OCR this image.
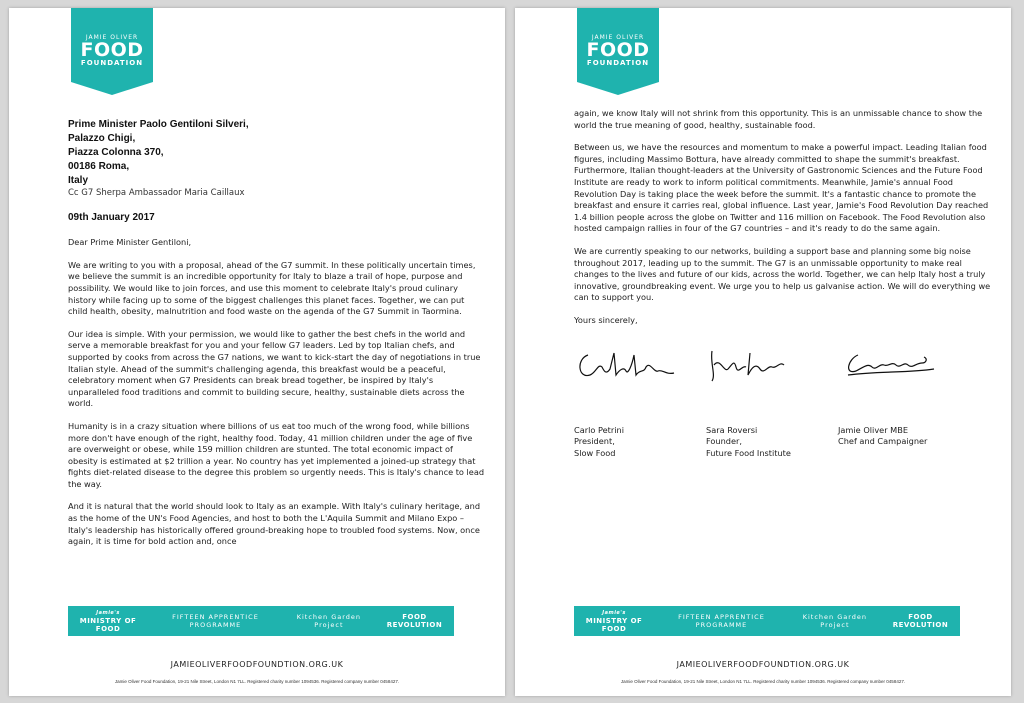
JAMIE OLIVER
FOOD
FOUNDATION
Prime Minister Paolo Gentiloni Silveri,
Palazzo Chigi,
Piazza Colonna 370,
00186 Roma,
Italy
Cc G7 Sherpa Ambassador Maria Caillaux
09th January 2017

Dear Prime Minister Gentiloni,

We are writing to you with a proposal, ahead of the G7 summit. In these politically uncertain times, we believe the summit is an incredible opportunity for Italy to blaze a trail of hope, purpose and possibility. We would like to join forces, and use this moment to celebrate Italy's proud culinary history while facing up to some of the biggest challenges this planet faces. Together, we can put child health, obesity, malnutrition and food waste on the agenda of the G7 Summit in Taormina.

Our idea is simple. With your permission, we would like to gather the best chefs in the world and serve a memorable breakfast for you and your fellow G7 leaders. Led by top Italian chefs, and supported by cooks from across the G7 nations, we want to kick-start the day of negotiations in true Italian style. Ahead of the summit's challenging agenda, this breakfast would be a peaceful, celebratory moment when G7 Presidents can break bread together, be inspired by Italy's unparalleled food traditions and commit to building secure, healthy, sustainable diets across the world.

Humanity is in a crazy situation where billions of us eat too much of the wrong food, while billions more don't have enough of the right, healthy food. Today, 41 million children under the age of five are overweight or obese, while 159 million children are stunted. The total economic impact of obesity is estimated at $2 trillion a year. No country has yet implemented a joined-up strategy that fights diet-related disease to the degree this problem so urgently needs. This is Italy's chance to lead the way.

And it is natural that the world should look to Italy as an example. With Italy's culinary heritage, and as the home of the UN's Food Agencies, and host to both the L'Aquila Summit and Milano Expo – Italy's leadership has historically offered ground-breaking hope to troubled food systems. Now, once again, it is time for bold action and, once

Jamie's
MINISTRY OF FOOD
FIFTEEN APPRENTICE PROGRAMME
Kitchen Garden Project
FOOD REVOLUTION
JAMIEOLIVERFOODFOUNDTION.ORG.UK
Jamie Oliver Food Foundation, 19-21 Nile Street, London N1 7LL. Registered charity number 1094536. Registered company number 0458427.
JAMIE OLIVER
FOOD
FOUNDATION

again, we know Italy will not shrink from this opportunity. This is an unmissable chance to show the world the true meaning of good, healthy, sustainable food.

Between us, we have the resources and momentum to make a powerful impact. Leading Italian food figures, including Massimo Bottura, have already committed to shape the summit's breakfast. Furthermore, Italian thought-leaders at the University of Gastronomic Sciences and the Future Food Institute are ready to work to inform political commitments. Meanwhile, Jamie's annual Food Revolution Day is taking place the week before the summit. It's a fantastic chance to promote the breakfast and ensure it carries real, global influence. Last year, Jamie's Food Revolution Day reached 1.4 billion people across the globe on Twitter and 116 million on Facebook. The Food Revolution also hosted campaign rallies in four of the G7 countries – and it's ready to do the same again.

We are currently speaking to our networks, building a support base and planning some big noise throughout 2017, leading up to the summit. The G7 is an unmissable opportunity to make real changes to the lives and future of our kids, across the world. Together, we can help Italy host a truly innovative, groundbreaking event. We urge you to help us galvanise action. We will do everything we can to support you.

Yours sincerely,

Carlo Petrini
President,
Slow Food
Sara Roversi
Founder,
Future Food Institute
Jamie Oliver MBE
Chef and Campaigner
Jamie's
MINISTRY OF FOOD
FIFTEEN APPRENTICE PROGRAMME
Kitchen Garden Project
FOOD REVOLUTION
JAMIEOLIVERFOODFOUNDTION.ORG.UK
Jamie Oliver Food Foundation, 19-21 Nile Street, London N1 7LL. Registered charity number 1094536. Registered company number 0458427.
